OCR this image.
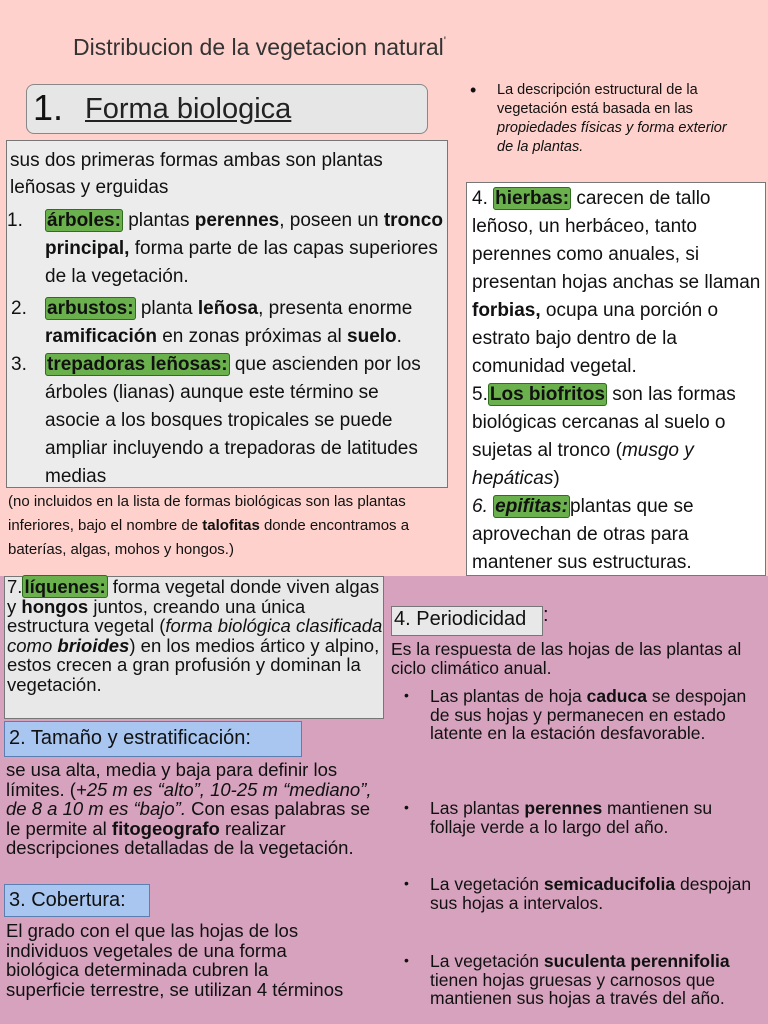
Distribucion de la vegetacion natural'
1. Forma biologica
• La descripción estructural de la vegetación está basada en las propiedades físicas y forma exterior de la plantas.
sus dos primeras formas ambas son plantas leñosas y erguidas
1. árboles: plantas perennes, poseen un tronco principal, forma parte de las capas superiores de la vegetación.
2. arbustos: planta leñosa, presenta enorme ramificación en zonas próximas al suelo.
3. trepadoras leñosas: que ascienden por los árboles (lianas) aunque este término se asocie a los bosques tropicales se puede ampliar incluyendo a trepadoras de latitudes medias
(no incluidos en la lista de formas biológicas son las plantas inferiores, bajo el nombre de talofitas donde encontramos a baterías, algas, mohos y hongos.)
4. hierbas: carecen de tallo leñoso, un herbáceo, tanto perennes como anuales, si presentan hojas anchas se llaman forbias, ocupa una porción o estrato bajo dentro de la comunidad vegetal.
5. Los biofritos son las formas biológicas cercanas al suelo o sujetas al tronco (musgo y hepáticas)
6. epifitas: plantas que se aprovechan de otras para mantener sus estructuras.
7. líquenes: forma vegetal donde viven algas y hongos juntos, creando una única estructura vegetal (forma biológica clasificada como brioides) en los medios ártico y alpino, estos crecen a gran profusión y dominan la vegetación.
2. Tamaño y estratificación:
se usa alta, media y baja para definir los límites. (+25 m es “alto”, 10-25 m “mediano”, de 8 a 10 m es “bajo”. Con esas palabras se le permite al fitogeografo realizar descripciones detalladas de la vegetación.
3. Cobertura:
El grado con el que las hojas de los individuos vegetales de una forma biológica determinada cubren la superficie terrestre, se utilizan 4 términos
4. Periodicidad :
Es la respuesta de las hojas de las plantas al ciclo climático anual.
• Las plantas de hoja caduca se despojan de sus hojas y permanecen en estado latente en la estación desfavorable.
• Las plantas perennes mantienen su follaje verde a lo largo del año.
• La vegetación semicaducifolia despojan sus hojas a intervalos.
• La vegetación suculenta perennifolia tienen hojas gruesas y carnosos que mantienen sus hojas a través del año.
